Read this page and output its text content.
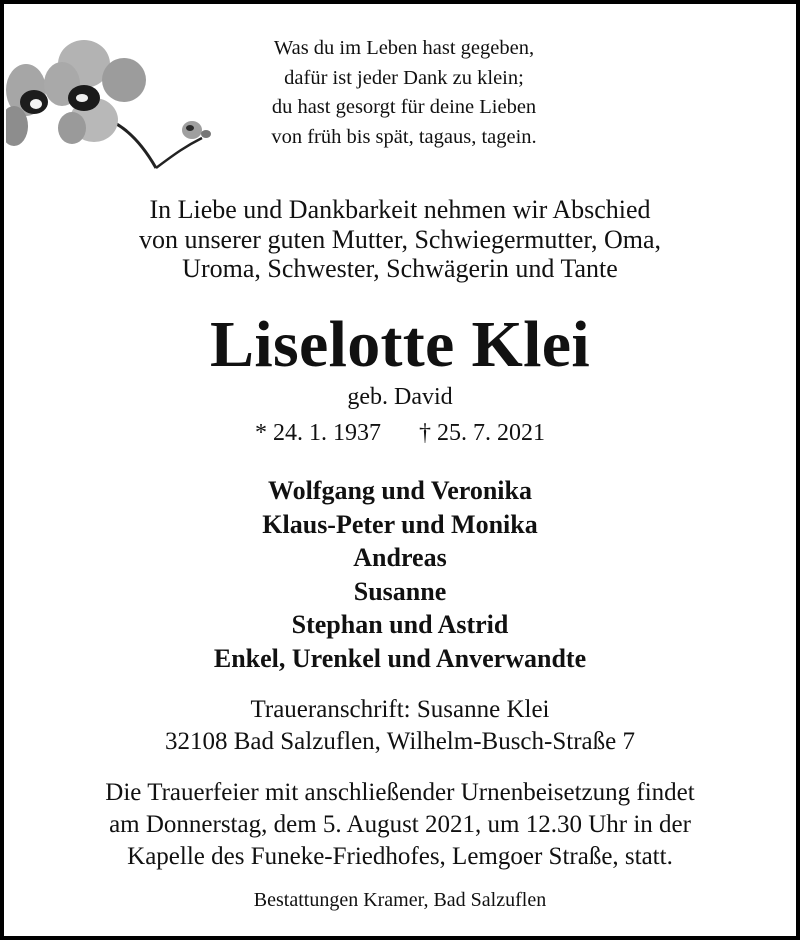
Was du im Leben hast gegeben,
dafür ist jeder Dank zu klein;
du hast gesorgt für deine Lieben
von früh bis spät, tagaus, tagein.
In Liebe und Dankbarkeit nehmen wir Abschied
von unserer guten Mutter, Schwiegermutter, Oma,
Uroma, Schwester, Schwägerin und Tante
Liselotte Klei
geb. David
* 24. 1. 1937 † 25. 7. 2021
Wolfgang und Veronika
Klaus-Peter und Monika
Andreas
Susanne
Stephan und Astrid
Enkel, Urenkel und Anverwandte
Traueranschrift: Susanne Klei
32108 Bad Salzuflen, Wilhelm-Busch-Straße 7
Die Trauerfeier mit anschließender Urnenbeisetzung findet
am Donnerstag, dem 5. August 2021, um 12.30 Uhr in der
Kapelle des Funeke-Friedhofes, Lemgoer Straße, statt.
Bestattungen Kramer, Bad Salzuflen
